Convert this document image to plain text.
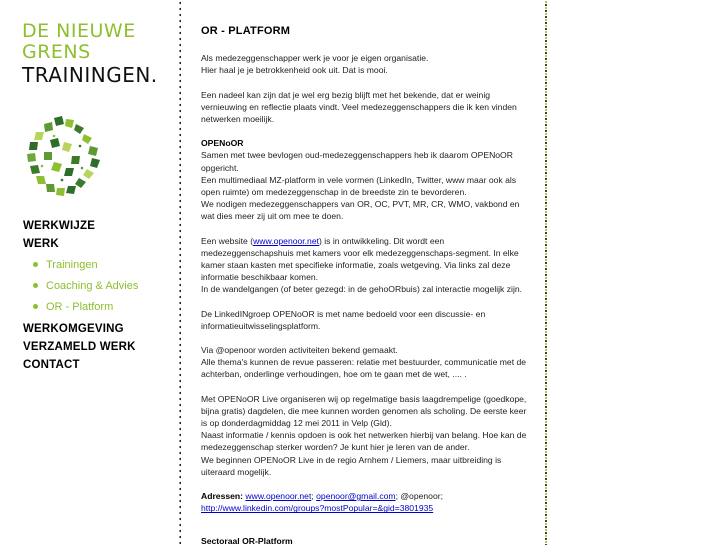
DE NIEUWE
GRENS
TRAININGEN.
WERKWIJZE
WERK
Trainingen
Coaching & Advies
OR - Platform
WERKOMGEVING
VERZAMELD WERK
CONTACT
OR - PLATFORM

Als medezeggenschapper werk je voor je eigen organisatie.
Hier haal je je betrokkenheid ook uit. Dat is mooi.

Een nadeel kan zijn dat je wel erg bezig blijft met het bekende, dat er weinig vernieuwing en reflectie plaats vindt. Veel medezeggenschappers die ik ken vinden netwerken moeilijk.

OPENoOR
Samen met twee bevlogen oud-medezeggenschappers heb ik daarom OPENoOR opgericht.
Een multimediaal MZ-platform in vele vormen (LinkedIn, Twitter, www maar ook als open ruimte) om medezeggenschap in de breedste zin te bevorderen.
We nodigen medezeggenschappers van OR, OC, PVT, MR, CR, WMO, vakbond en wat dies meer zij uit om mee te doen.

Een website (www.openoor.net) is in ontwikkeling. Dit wordt een medezeggenschapshuis met kamers voor elk medezeggenschaps-segment. In elke kamer staan kasten met specifieke informatie, zoals wetgeving. Via links zal deze informatie beschikbaar komen.
In de wandelgangen (of beter gezegd: in de gehoORbuis) zal interactie mogelijk zijn.

De LinkedINgroep OPENoOR is met name bedoeld voor een discussie- en informatieuitwisselingsplatform.

Via @openoor worden activiteiten bekend gemaakt.
Alle thema's kunnen de revue passeren: relatie met bestuurder, communicatie met de achterban, onderlinge verhoudingen, hoe om te gaan met de wet, .... .

Met OPENoOR Live organiseren wij op regelmatige basis laagdrempelige (goedkope, bijna gratis) dagdelen, die mee kunnen worden genomen als scholing. De eerste keer is op donderdagmiddag 12 mei 2011 in Velp (Gld).
Naast informatie / kennis opdoen is ook het netwerken hierbij van belang. Hoe kan de medezeggenschap sterker worden? Je kunt hier je leren van de ander.
We beginnen OPENoOR Live in de regio Arnhem / Liemers, maar uitbreiding is uiteraard mogelijk.

Adressen: www.openoor.net; openoor@gmail.com; @openoor;
http://www.linkedin.com/groups?mostPopular=&gid=3801935

Sectoraal OR-Platform
